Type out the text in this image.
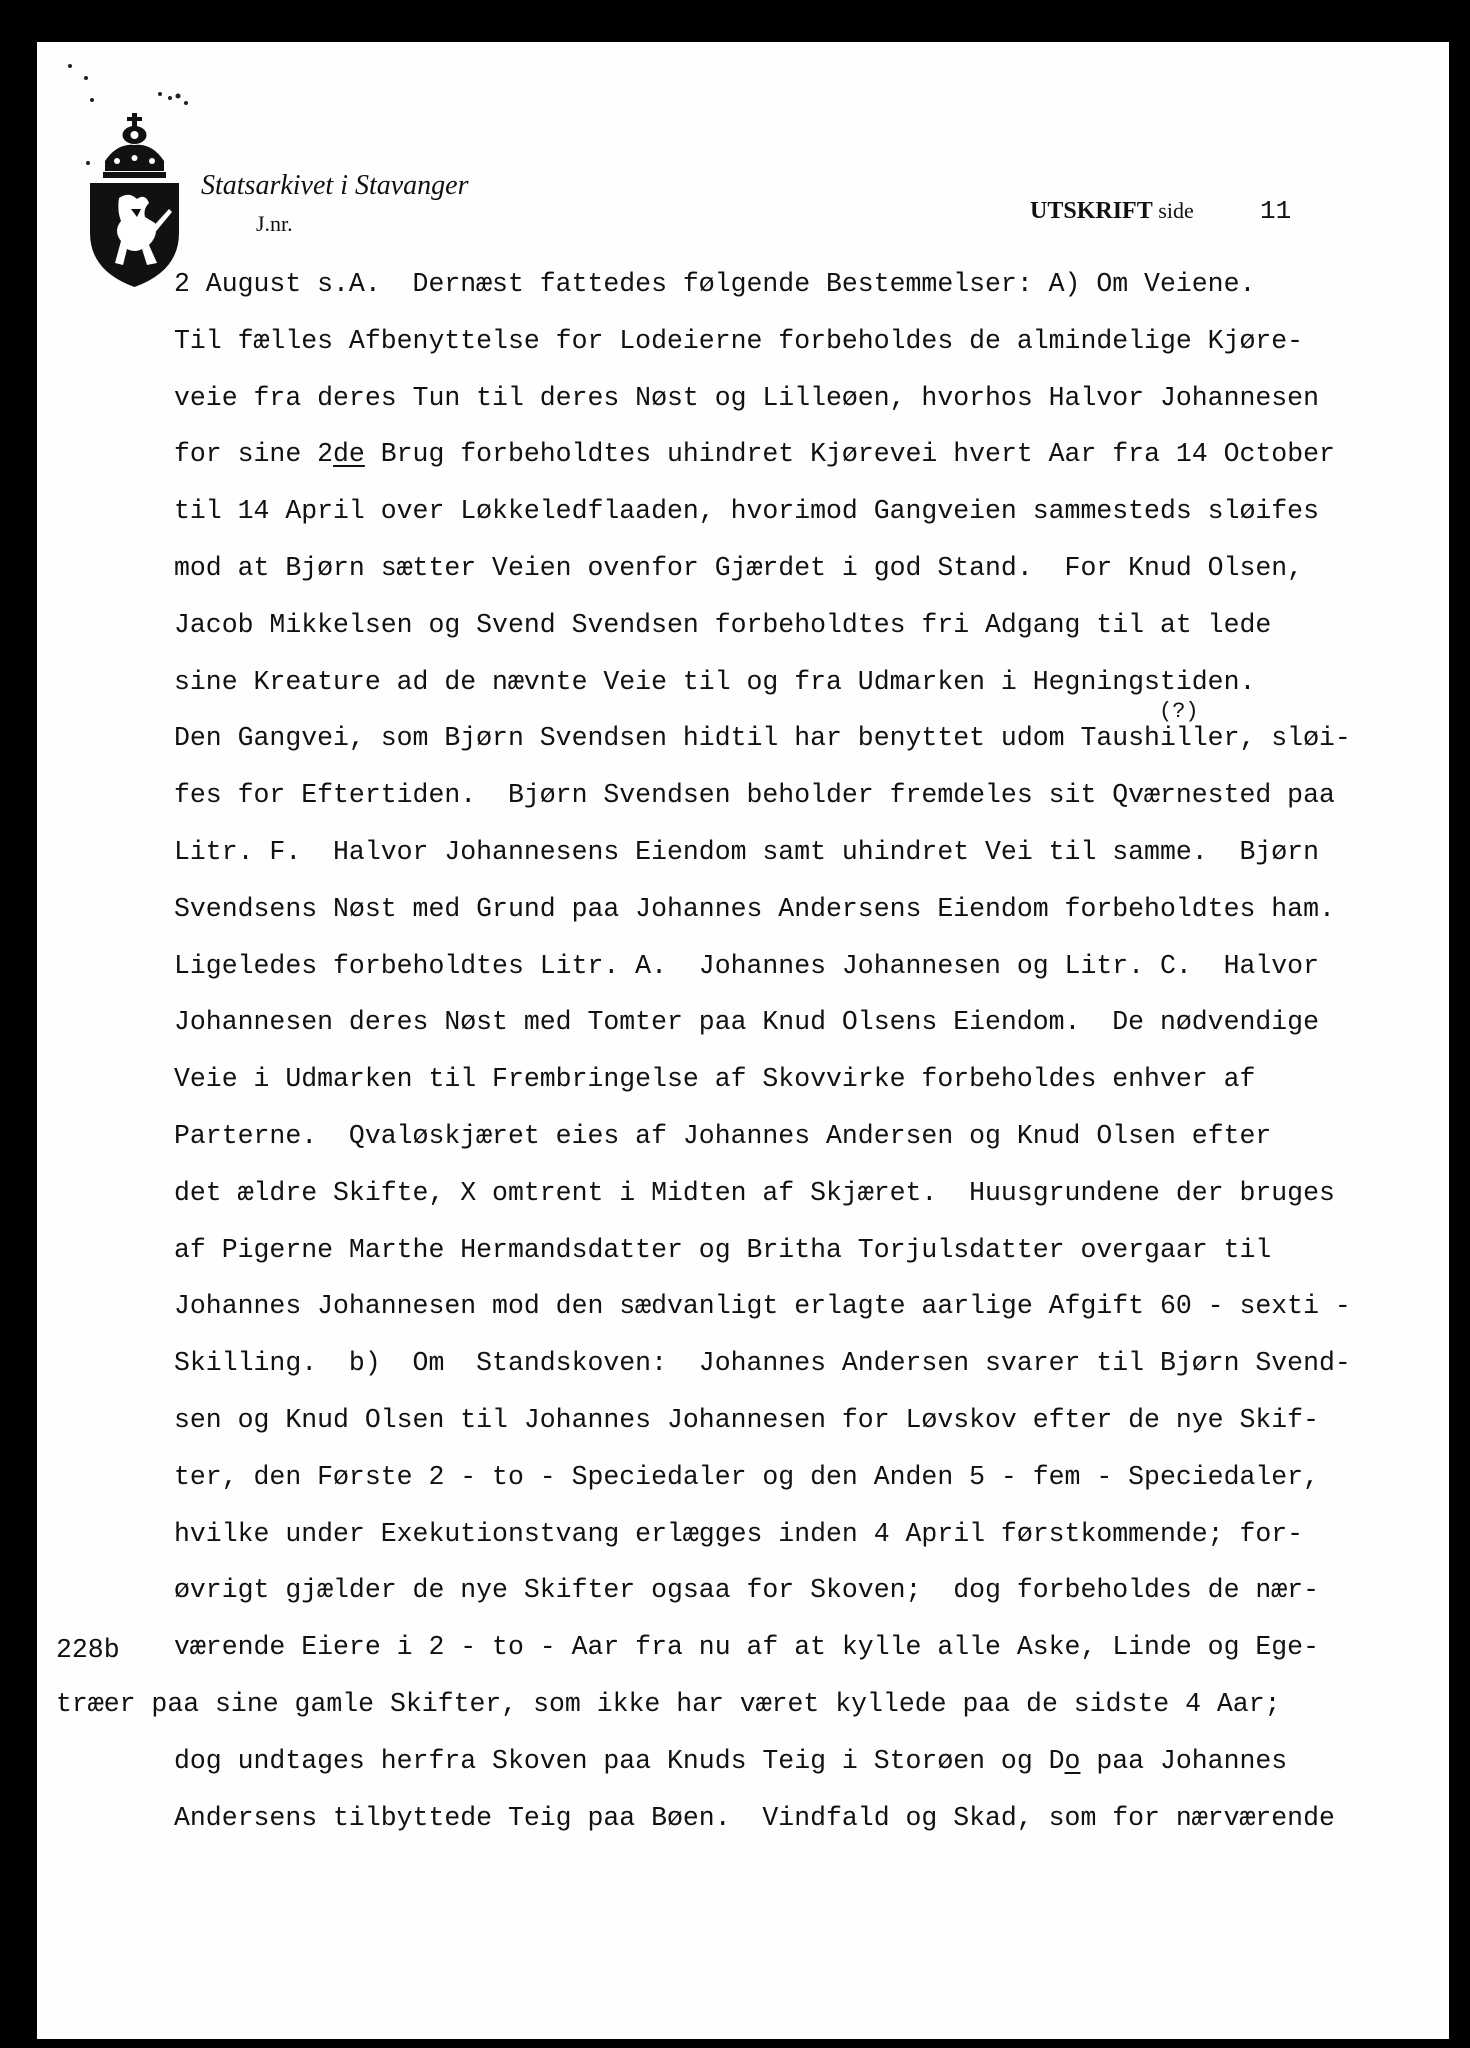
Statsarkivet i Stavanger
J.nr.	UTSKRIFT side	11
(?)
228b
2 August s.A.  Dernæst fattedes følgende Bestemmelser: A) Om Veiene.
Til fælles Afbenyttelse for Lodeierne forbeholdes de almindelige Kjøre-
veie fra deres Tun til deres Nøst og Lilleøen, hvorhos Halvor Johannesen
for sine 2de Brug forbeholdtes uhindret Kjørevei hvert Aar fra 14 October
til 14 April over Løkkeledflaaden, hvorimod Gangveien sammesteds sløifes
mod at Bjørn sætter Veien ovenfor Gjærdet i god Stand.  For Knud Olsen,
Jacob Mikkelsen og Svend Svendsen forbeholdtes fri Adgang til at lede
sine Kreature ad de nævnte Veie til og fra Udmarken i Hegningstiden.
Den Gangvei, som Bjørn Svendsen hidtil har benyttet udom Taushiller, sløi-
fes for Eftertiden.  Bjørn Svendsen beholder fremdeles sit Qværnested paa
Litr. F.  Halvor Johannesens Eiendom samt uhindret Vei til samme.  Bjørn
Svendsens Nøst med Grund paa Johannes Andersens Eiendom forbeholdtes ham.
Ligeledes forbeholdtes Litr. A.  Johannes Johannesen og Litr. C.  Halvor
Johannesen deres Nøst med Tomter paa Knud Olsens Eiendom.  De nødvendige
Veie i Udmarken til Frembringelse af Skovvirke forbeholdes enhver af
Parterne.  Qvaløskjæret eies af Johannes Andersen og Knud Olsen efter
det ældre Skifte, X omtrent i Midten af Skjæret.  Huusgrundene der bruges
af Pigerne Marthe Hermandsdatter og Britha Torjulsdatter overgaar til
Johannes Johannesen mod den sædvanligt erlagte aarlige Afgift 60 - sexti -
Skilling.  b)  Om  Standskoven:  Johannes Andersen svarer til Bjørn Svend-
sen og Knud Olsen til Johannes Johannesen for Løvskov efter de nye Skif-
ter, den Første 2 - to - Speciedaler og den Anden 5 - fem - Speciedaler,
hvilke under Exekutionstvang erlægges inden 4 April førstkommende; for-
øvrigt gjælder de nye Skifter ogsaa for Skoven;  dog forbeholdes de nær-
værende Eiere i 2 - to - Aar fra nu af at kylle alle Aske, Linde og Ege-
træer paa sine gamle Skifter, som ikke har været kyllede paa de sidste 4 Aar;
dog undtages herfra Skoven paa Knuds Teig i Storøen og Do paa Johannes
Andersens tilbyttede Teig paa Bøen.  Vindfald og Skad, som for nærværende
